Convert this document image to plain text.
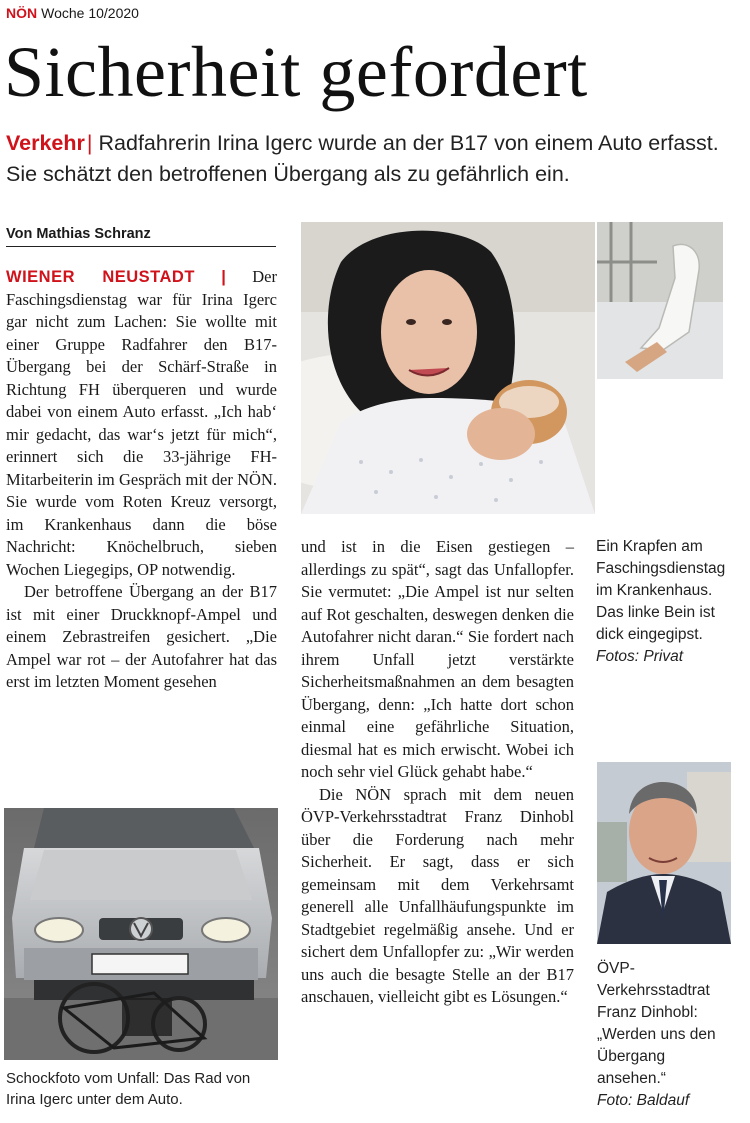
NÖN Woche 10/2020
Sicherheit gefordert

Verkehr| Radfahrerin Irina Igerc wurde an der B17 von einem Auto erfasst. Sie schätzt den betroffenen Übergang als zu gefährlich ein.

Von Mathias Schranz

WIENER NEUSTADT | Der Faschingsdienstag war für Irina Igerc gar nicht zum Lachen: Sie wollte mit einer Gruppe Radfahrer den B17-Übergang bei der Schärf-Straße in Richtung FH überqueren und wurde dabei von einem Auto erfasst. „Ich hab‘ mir gedacht, das war‘s jetzt für mich“, erinnert sich die 33-jährige FH-Mitarbeiterin im Gespräch mit der NÖN. Sie wurde vom Roten Kreuz versorgt, im Krankenhaus dann die böse Nachricht: Knöchelbruch, sieben Wochen Liegegips, OP notwendig.

Der betroffene Übergang an der B17 ist mit einer Druckknopf-Ampel und einem Zebrastreifen gesichert. „Die Ampel war rot – der Autofahrer hat das erst im letzten Moment gesehen

Schockfoto vom Unfall: Das Rad von Irina Igerc unter dem Auto.
Ein Krapfen am Faschingsdienstag im Krankenhaus. Das linke Bein ist dick eingegipst.
Fotos: Privat

und ist in die Eisen gestiegen – allerdings zu spät“, sagt das Unfallopfer. Sie vermutet: „Die Ampel ist nur selten auf Rot geschalten, deswegen denken die Autofahrer nicht daran.“ Sie fordert nach ihrem Unfall jetzt verstärkte Sicherheitsmaßnahmen an dem besagten Übergang, denn: „Ich hatte dort schon einmal eine gefährliche Situation, diesmal hat es mich erwischt. Wobei ich noch sehr viel Glück gehabt habe.“

Die NÖN sprach mit dem neuen ÖVP-Verkehrsstadtrat Franz Dinhobl über die Forderung nach mehr Sicherheit. Er sagt, dass er sich gemeinsam mit dem Verkehrsamt generell alle Unfallhäufungspunkte im Stadtgebiet regelmäßig ansehe. Und er sichert dem Unfallopfer zu: „Wir werden uns auch die besagte Stelle an der B17 anschauen, vielleicht gibt es Lösungen.“

ÖVP-Verkehrsstadtrat Franz Dinhobl: „Werden uns den Übergang ansehen.“
Foto: Baldauf
